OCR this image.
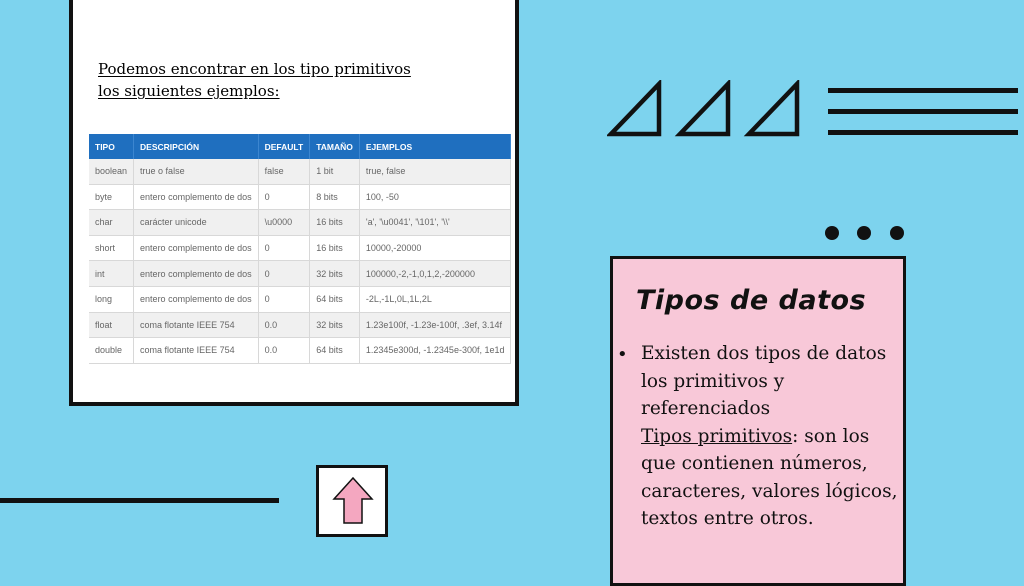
Podemos encontrar en los tipo primitivos
los siguientes ejemplos:
TIPO	DESCRIPCIÓN	DEFAULT	TAMAÑO	EJEMPLOS
boolean	true o false	false	1 bit	true, false
byte	entero complemento de dos	0	8 bits	100, -50
char	carácter unicode	\u0000	16 bits	'a', '\u0041', '\101', '\\'
short	entero complemento de dos	0	16 bits	10000,-20000
int	entero complemento de dos	0	32 bits	100000,-2,-1,0,1,2,-200000
long	entero complemento de dos	0	64 bits	-2L,-1L,0L,1L,2L
float	coma flotante IEEE 754	0.0	32 bits	1.23e100f, -1.23e-100f, .3ef, 3.14f
double	coma flotante IEEE 754	0.0	64 bits	1.2345e300d, -1.2345e-300f, 1e1d
Tipos de datos
• Existen dos tipos de datos los primitivos y referenciados
Tipos primitivos: son los que contienen números, caracteres, valores lógicos, textos entre otros.
